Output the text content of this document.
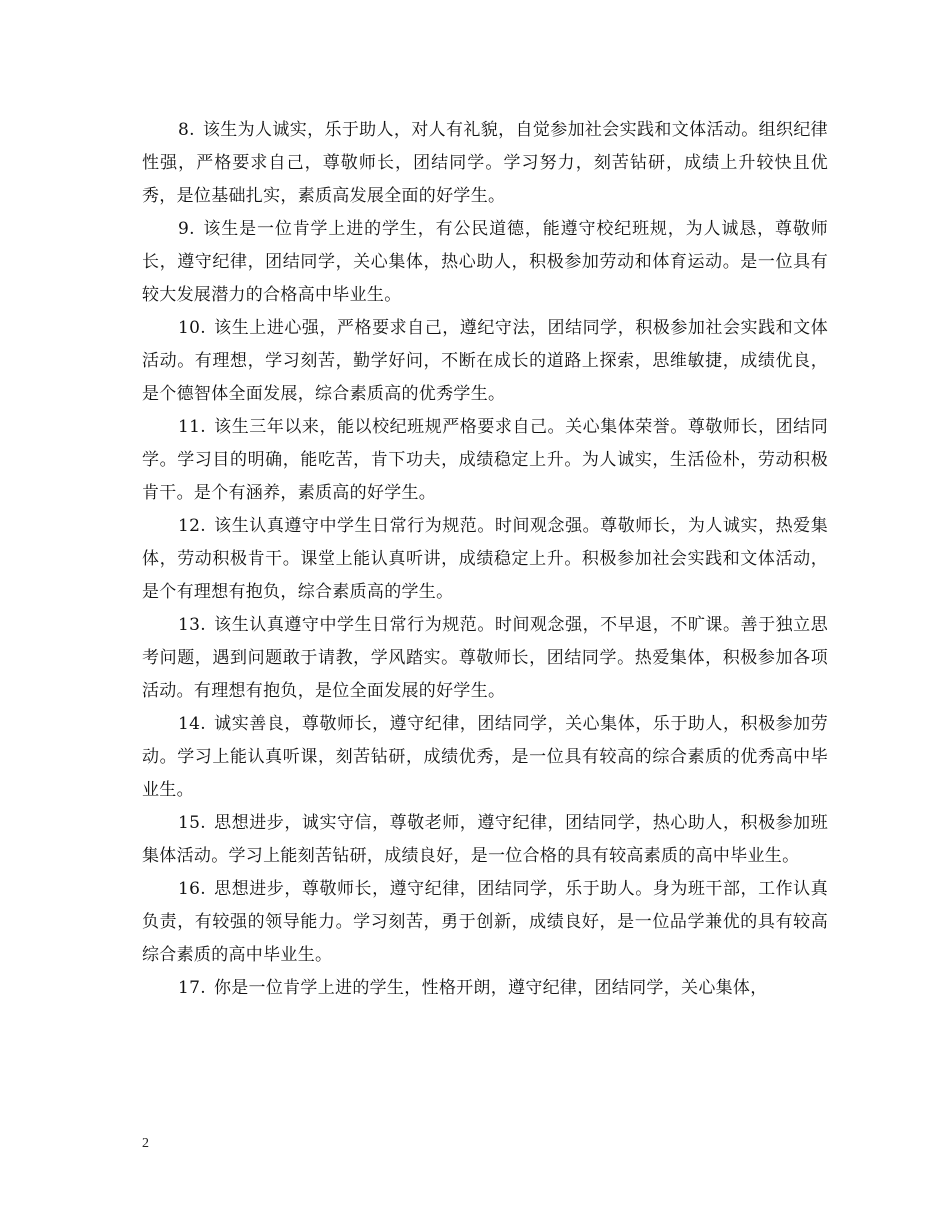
8. 该生为人诚实，乐于助人，对人有礼貌，自觉参加社会实践和文体活动。组织纪律性强，严格要求自己，尊敬师长，团结同学。学习努力，刻苦钻研，成绩上升较快且优秀，是位基础扎实，素质高发展全面的好学生。

9. 该生是一位肯学上进的学生，有公民道德，能遵守校纪班规，为人诚恳，尊敬师长，遵守纪律，团结同学，关心集体，热心助人，积极参加劳动和体育运动。是一位具有较大发展潜力的合格高中毕业生。

10. 该生上进心强，严格要求自己，遵纪守法，团结同学，积极参加社会实践和文体活动。有理想，学习刻苦，勤学好问，不断在成长的道路上探索，思维敏捷，成绩优良，是个德智体全面发展，综合素质高的优秀学生。

11. 该生三年以来，能以校纪班规严格要求自己。关心集体荣誉。尊敬师长，团结同学。学习目的明确，能吃苦，肯下功夫，成绩稳定上升。为人诚实，生活俭朴，劳动积极肯干。是个有涵养，素质高的好学生。

12. 该生认真遵守中学生日常行为规范。时间观念强。尊敬师长，为人诚实，热爱集体，劳动积极肯干。课堂上能认真听讲，成绩稳定上升。积极参加社会实践和文体活动，是个有理想有抱负，综合素质高的学生。

13. 该生认真遵守中学生日常行为规范。时间观念强，不早退，不旷课。善于独立思考问题，遇到问题敢于请教，学风踏实。尊敬师长，团结同学。热爱集体，积极参加各项活动。有理想有抱负，是位全面发展的好学生。

14. 诚实善良，尊敬师长，遵守纪律，团结同学，关心集体，乐于助人，积极参加劳动。学习上能认真听课，刻苦钻研，成绩优秀，是一位具有较高的综合素质的优秀高中毕业生。

15. 思想进步，诚实守信，尊敬老师，遵守纪律，团结同学，热心助人，积极参加班集体活动。学习上能刻苦钻研，成绩良好，是一位合格的具有较高素质的高中毕业生。

16. 思想进步，尊敬师长，遵守纪律，团结同学，乐于助人。身为班干部，工作认真负责，有较强的领导能力。学习刻苦，勇于创新，成绩良好，是一位品学兼优的具有较高综合素质的高中毕业生。

17. 你是一位肯学上进的学生，性格开朗，遵守纪律，团结同学，关心集体，

2
